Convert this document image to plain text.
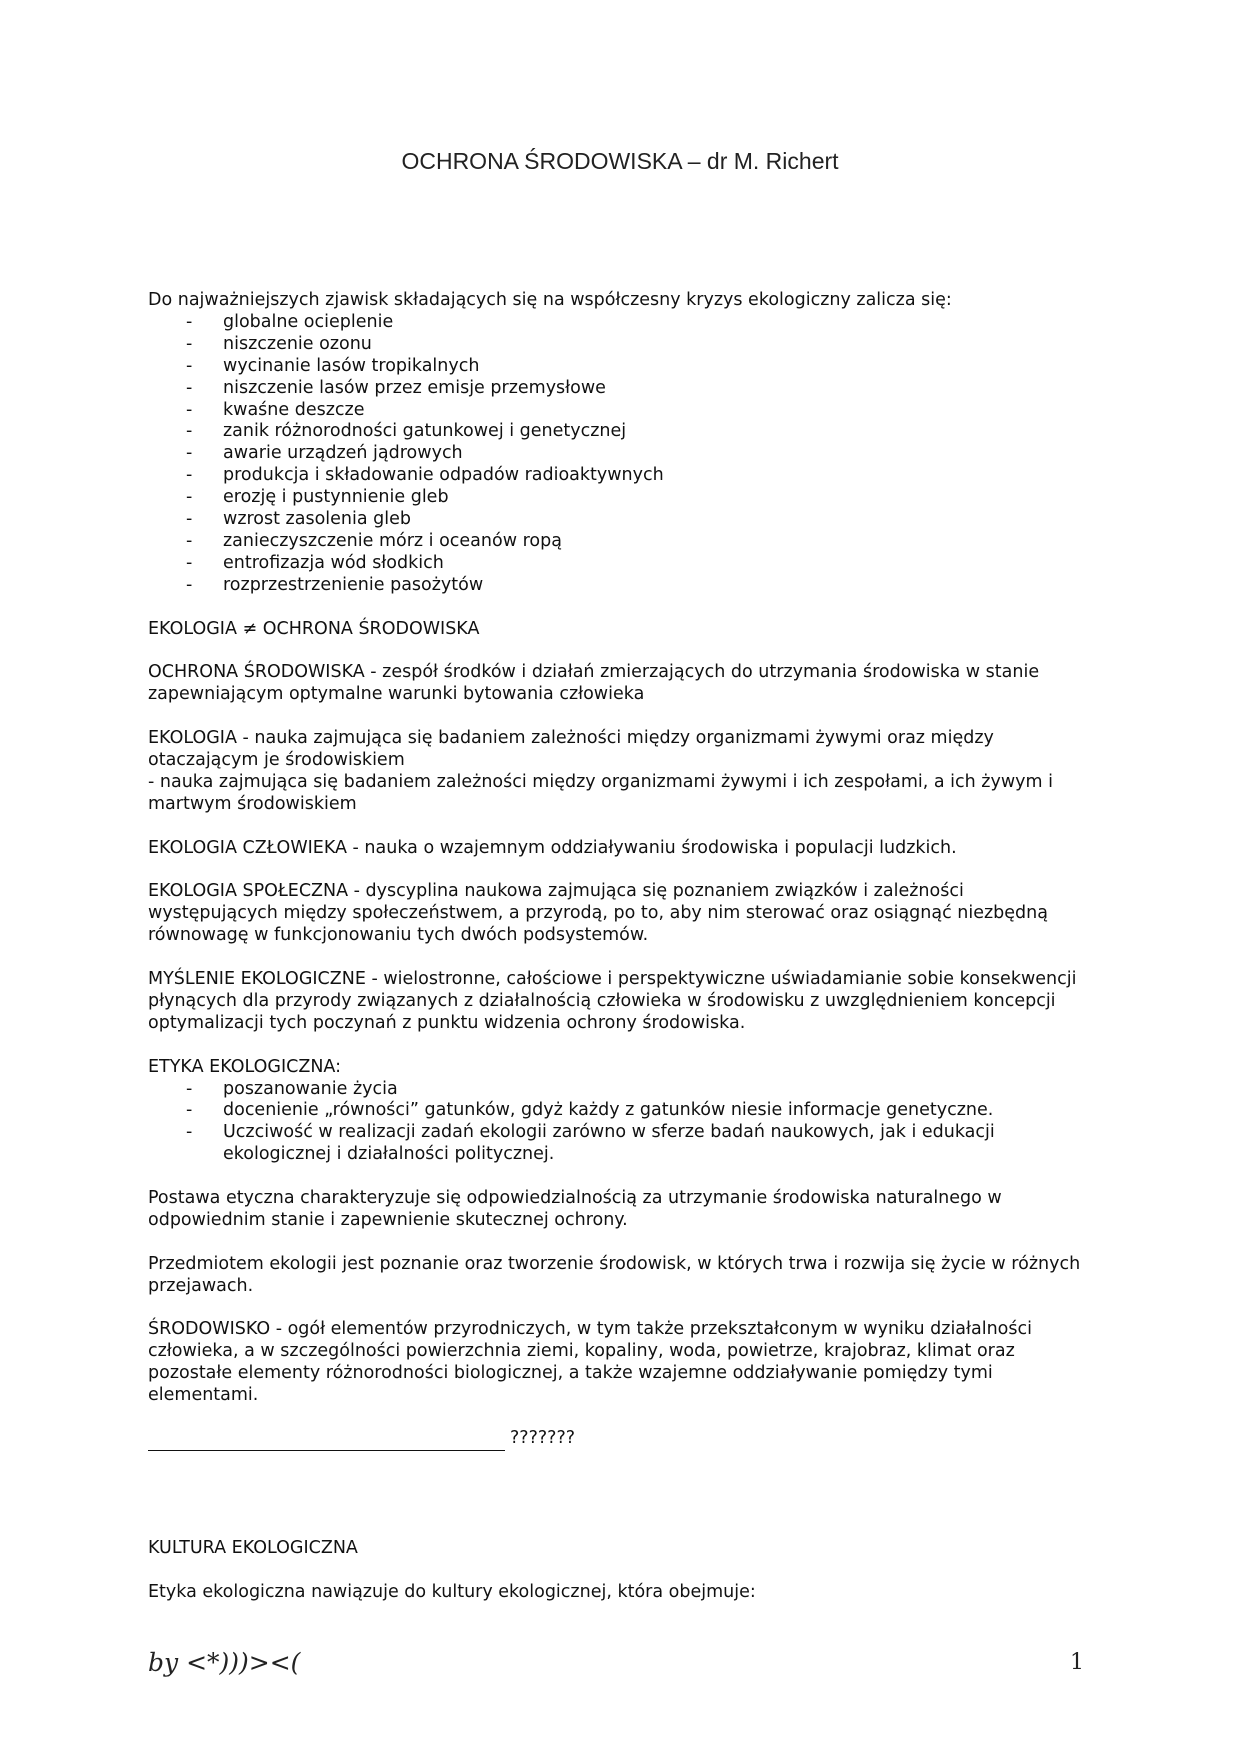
OCHRONA ŚRODOWISKA – dr M. Richert

Do najważniejszych zjawisk składających się na współczesny kryzys ekologiczny zalicza się:

- globalne ocieplenie
- niszczenie ozonu
- wycinanie lasów tropikalnych
- niszczenie lasów przez emisje przemysłowe
- kwaśne deszcze
- zanik różnorodności gatunkowej i genetycznej
- awarie urządzeń jądrowych
- produkcja i składowanie odpadów radioaktywnych
- erozję i pustynnienie gleb
- wzrost zasolenia gleb
- zanieczyszczenie mórz i oceanów ropą
- entrofizazja wód słodkich
- rozprzestrzenienie pasożytów

EKOLOGIA ≠ OCHRONA ŚRODOWISKA

OCHRONA ŚRODOWISKA - zespół środków i działań zmierzających do utrzymania środowiska w stanie zapewniającym optymalne warunki bytowania człowieka

EKOLOGIA - nauka zajmująca się badaniem zależności między organizmami żywymi oraz między otaczającym je środowiskiem

- nauka zajmująca się badaniem zależności między organizmami żywymi i ich zespołami, a ich żywym i martwym środowiskiem

EKOLOGIA CZŁOWIEKA - nauka o wzajemnym oddziaływaniu środowiska i populacji ludzkich.

EKOLOGIA SPOŁECZNA - dyscyplina naukowa zajmująca się poznaniem związków i zależności występujących między społeczeństwem, a przyrodą, po to, aby nim sterować oraz osiągnąć niezbędną równowagę w funkcjonowaniu tych dwóch podsystemów.

MYŚLENIE EKOLOGICZNE - wielostronne, całościowe i perspektywiczne uświadamianie sobie konsekwencji płynących dla przyrody związanych z działalnością człowieka w środowisku z uwzględnieniem koncepcji optymalizacji tych poczynań z punktu widzenia ochrony środowiska.

ETYKA EKOLOGICZNA:

- poszanowanie życia
- docenienie „równości” gatunków, gdyż każdy z gatunków niesie informacje genetyczne.
- Uczciwość w realizacji zadań ekologii zarówno w sferze badań naukowych, jak i edukacji ekologicznej i działalności politycznej.

Postawa etyczna charakteryzuje się odpowiedzialnością za utrzymanie środowiska naturalnego w odpowiednim stanie i zapewnienie skutecznej ochrony.

Przedmiotem ekologii jest poznanie oraz tworzenie środowisk, w których trwa i rozwija się życie w różnych przejawach.

ŚRODOWISKO - ogół elementów przyrodniczych, w tym także przekształconym w wyniku działalności człowieka, a w szczególności powierzchnia ziemi, kopaliny, woda, powietrze, krajobraz, klimat oraz pozostałe elementy różnorodności biologicznej, a także wzajemne oddziaływanie pomiędzy tymi elementami.

???????

KULTURA EKOLOGICZNA

Etyka ekologiczna nawiązuje do kultury ekologicznej, która obejmuje:

by <*)))><(	1
